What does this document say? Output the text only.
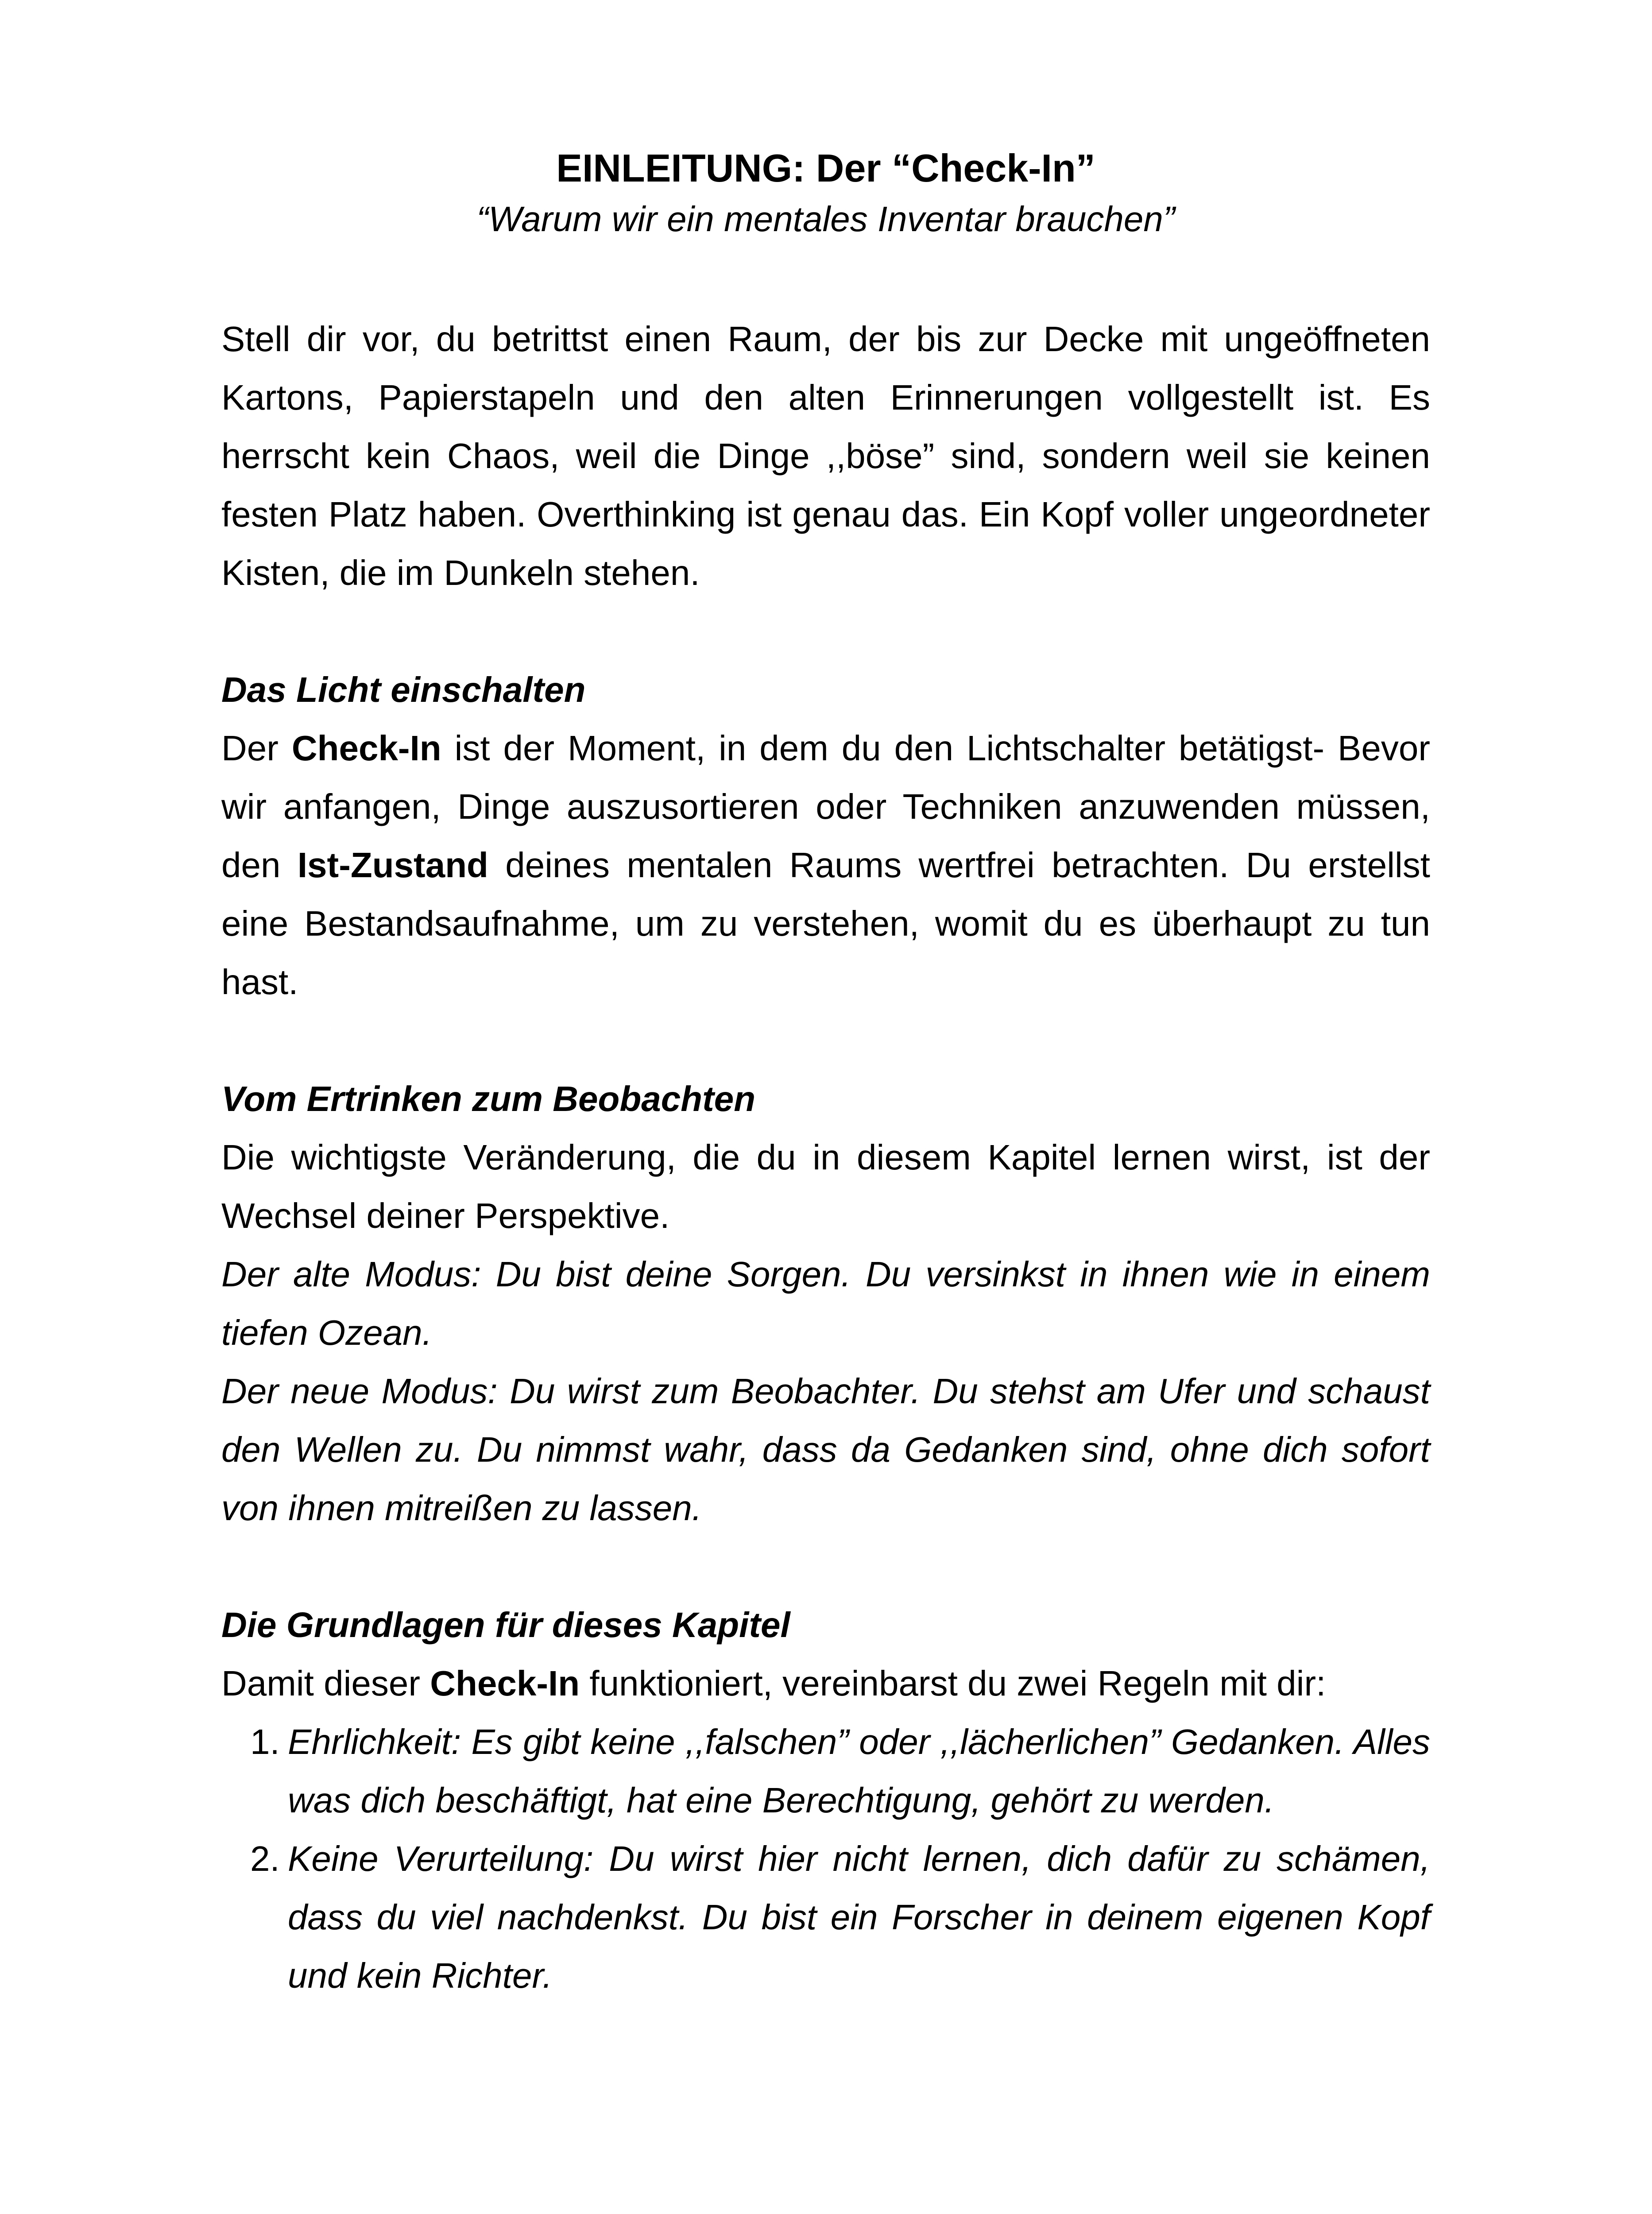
EINLEITUNG: Der “Check-In”

“Warum wir ein mentales Inventar brauchen”

Stell dir vor, du betrittst einen Raum, der bis zur Decke mit ungeöffneten Kartons, Papierstapeln und den alten Erinnerungen vollgestellt ist. Es herrscht kein Chaos, weil die Dinge ,,böse” sind, sondern weil sie keinen festen Platz haben. Overthinking ist genau das. Ein Kopf voller ungeordneter Kisten, die im Dunkeln stehen.

Das Licht einschalten

Der Check-In ist der Moment, in dem du den Lichtschalter betätigst- Bevor wir anfangen, Dinge auszusortieren oder Techniken anzuwenden müssen, den Ist-Zustand deines mentalen Raums wertfrei betrachten. Du erstellst eine Bestandsaufnahme, um zu verstehen, womit du es überhaupt zu tun hast.

Vom Ertrinken zum Beobachten

Die wichtigste Veränderung, die du in diesem Kapitel lernen wirst, ist der Wechsel deiner Perspektive.

Der alte Modus: Du bist deine Sorgen. Du versinkst in ihnen wie in einem tiefen Ozean.

Der neue Modus: Du wirst zum Beobachter. Du stehst am Ufer und schaust den Wellen zu. Du nimmst wahr, dass da Gedanken sind, ohne dich sofort von ihnen mitreißen zu lassen.

Die Grundlagen für dieses Kapitel

Damit dieser Check-In funktioniert, vereinbarst du zwei Regeln mit dir:

1. Ehrlichkeit: Es gibt keine ,,falschen” oder ,,lächerlichen” Gedanken. Alles was dich beschäftigt, hat eine Berechtigung, gehört zu werden.
2. Keine Verurteilung: Du wirst hier nicht lernen, dich dafür zu schämen, dass du viel nachdenkst. Du bist ein Forscher in deinem eigenen Kopf und kein Richter.
